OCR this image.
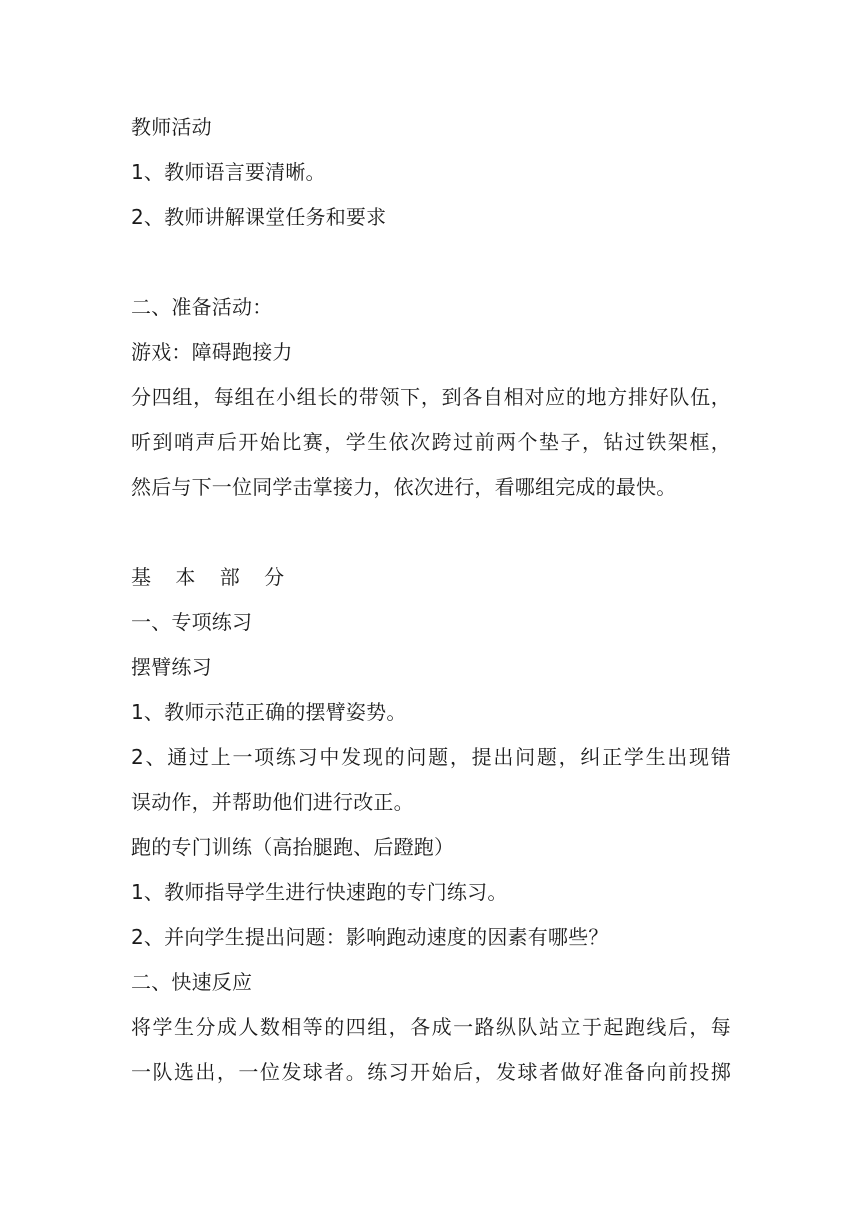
教师活动

1、教师语言要清晰。

2、教师讲解课堂任务和要求

二、准备活动：

游戏：障碍跑接力

分四组，每组在小组长的带领下，到各自相对应的地方排好队伍，

听到哨声后开始比赛，学生依次跨过前两个垫子，钻过铁架框，

然后与下一位同学击掌接力，依次进行，看哪组完成的最快。

基 本 部 分

一、专项练习

摆臂练习

1、教师示范正确的摆臂姿势。

2、通过上一项练习中发现的问题，提出问题，纠正学生出现错

误动作，并帮助他们进行改正。

跑的专门训练（高抬腿跑、后蹬跑）

1、教师指导学生进行快速跑的专门练习。

2、并向学生提出问题：影响跑动速度的因素有哪些？

二、快速反应

将学生分成人数相等的四组，各成一路纵队站立于起跑线后，每

一队选出，一位发球者。练习开始后，发球者做好准备向前投掷
